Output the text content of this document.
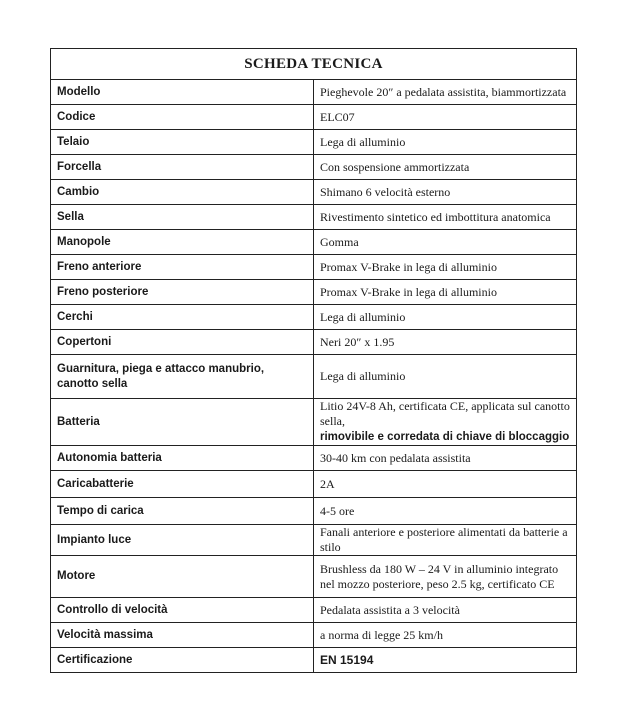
SCHEDA TECNICA	
Modello	Pieghevole 20″ a pedalata assistita, biammortizzata
Codice	ELC07
Telaio	Lega di alluminio
Forcella	Con sospensione ammortizzata
Cambio	Shimano 6 velocità esterno
Sella	Rivestimento sintetico ed imbottitura anatomica
Manopole	Gomma
Freno anteriore	Promax V-Brake in lega di alluminio
Freno posteriore	Promax V-Brake in lega di alluminio
Cerchi	Lega di alluminio
Copertoni	Neri 20″ x 1.95
Guarnitura, piega e attacco manubrio, canotto sella	Lega di alluminio
Batteria	Litio 24V-8 Ah, certificata CE, applicata sul canotto sella,
rimovibile e corredata di chiave di bloccaggio
Autonomia batteria	30-40 km con pedalata assistita
Caricabatterie	2A
Tempo di carica	4-5 ore
Impianto luce	Fanali anteriore e posteriore alimentati da batterie a stilo
Motore	Brushless da 180 W – 24 V in alluminio integrato nel mozzo posteriore, peso 2.5 kg, certificato CE
Controllo di velocità	Pedalata assistita a 3 velocità
Velocità massima	a norma di legge 25 km/h
Certificazione	EN 15194
